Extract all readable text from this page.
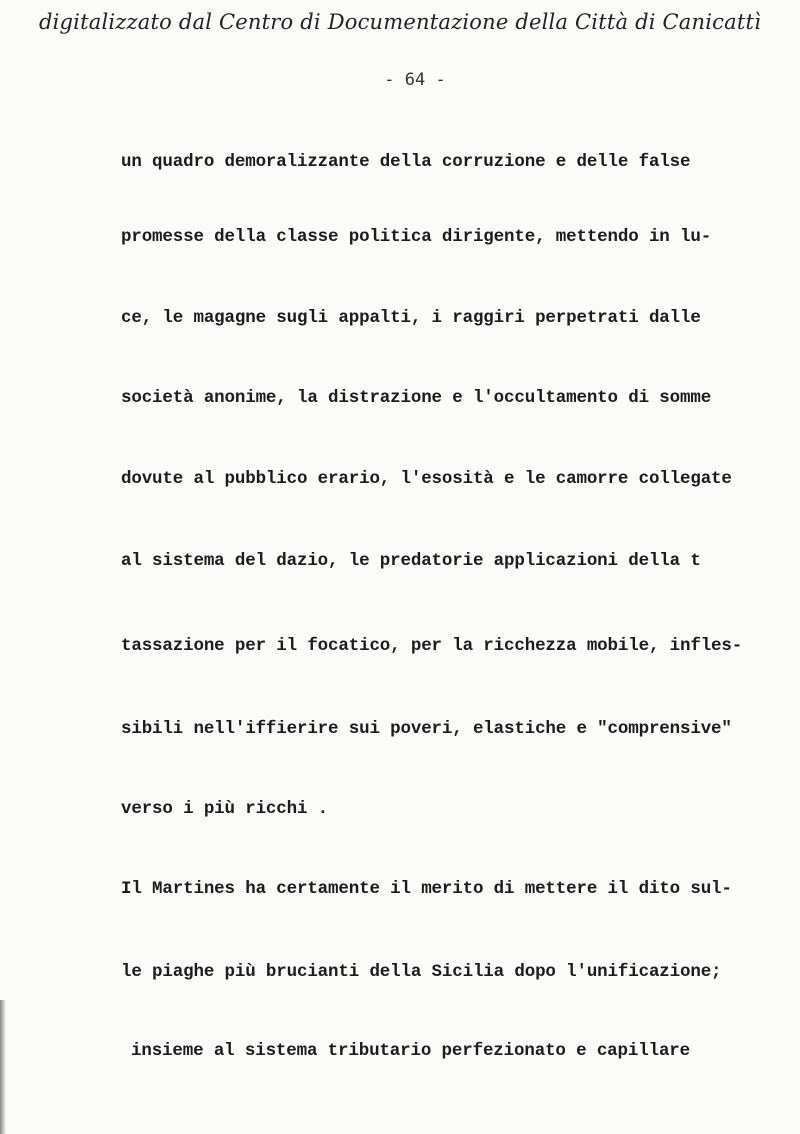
digitalizzato dal Centro di Documentazione della Città di Canicattì
- 64 -
un quadro demoralizzante della corruzione e delle false
promesse della classe politica dirigente, mettendo in lu-
ce, le magagne sugli appalti, i raggiri perpetrati dalle
società anonime, la distrazione e l'occultamento di somme
dovute al pubblico erario, l'esosità e le camorre collegate
al sistema del dazio, le predatorie applicazioni della t
tassazione per il focatico, per la ricchezza mobile, infles-
sibili nell'iffierire sui poveri, elastiche e "comprensive"
verso i più ricchi .
Il Martines ha certamente il merito di mettere il dito sul-
le piaghe più brucianti della Sicilia dopo l'unificazione;
insieme al sistema tributario perfezionato e capillare
